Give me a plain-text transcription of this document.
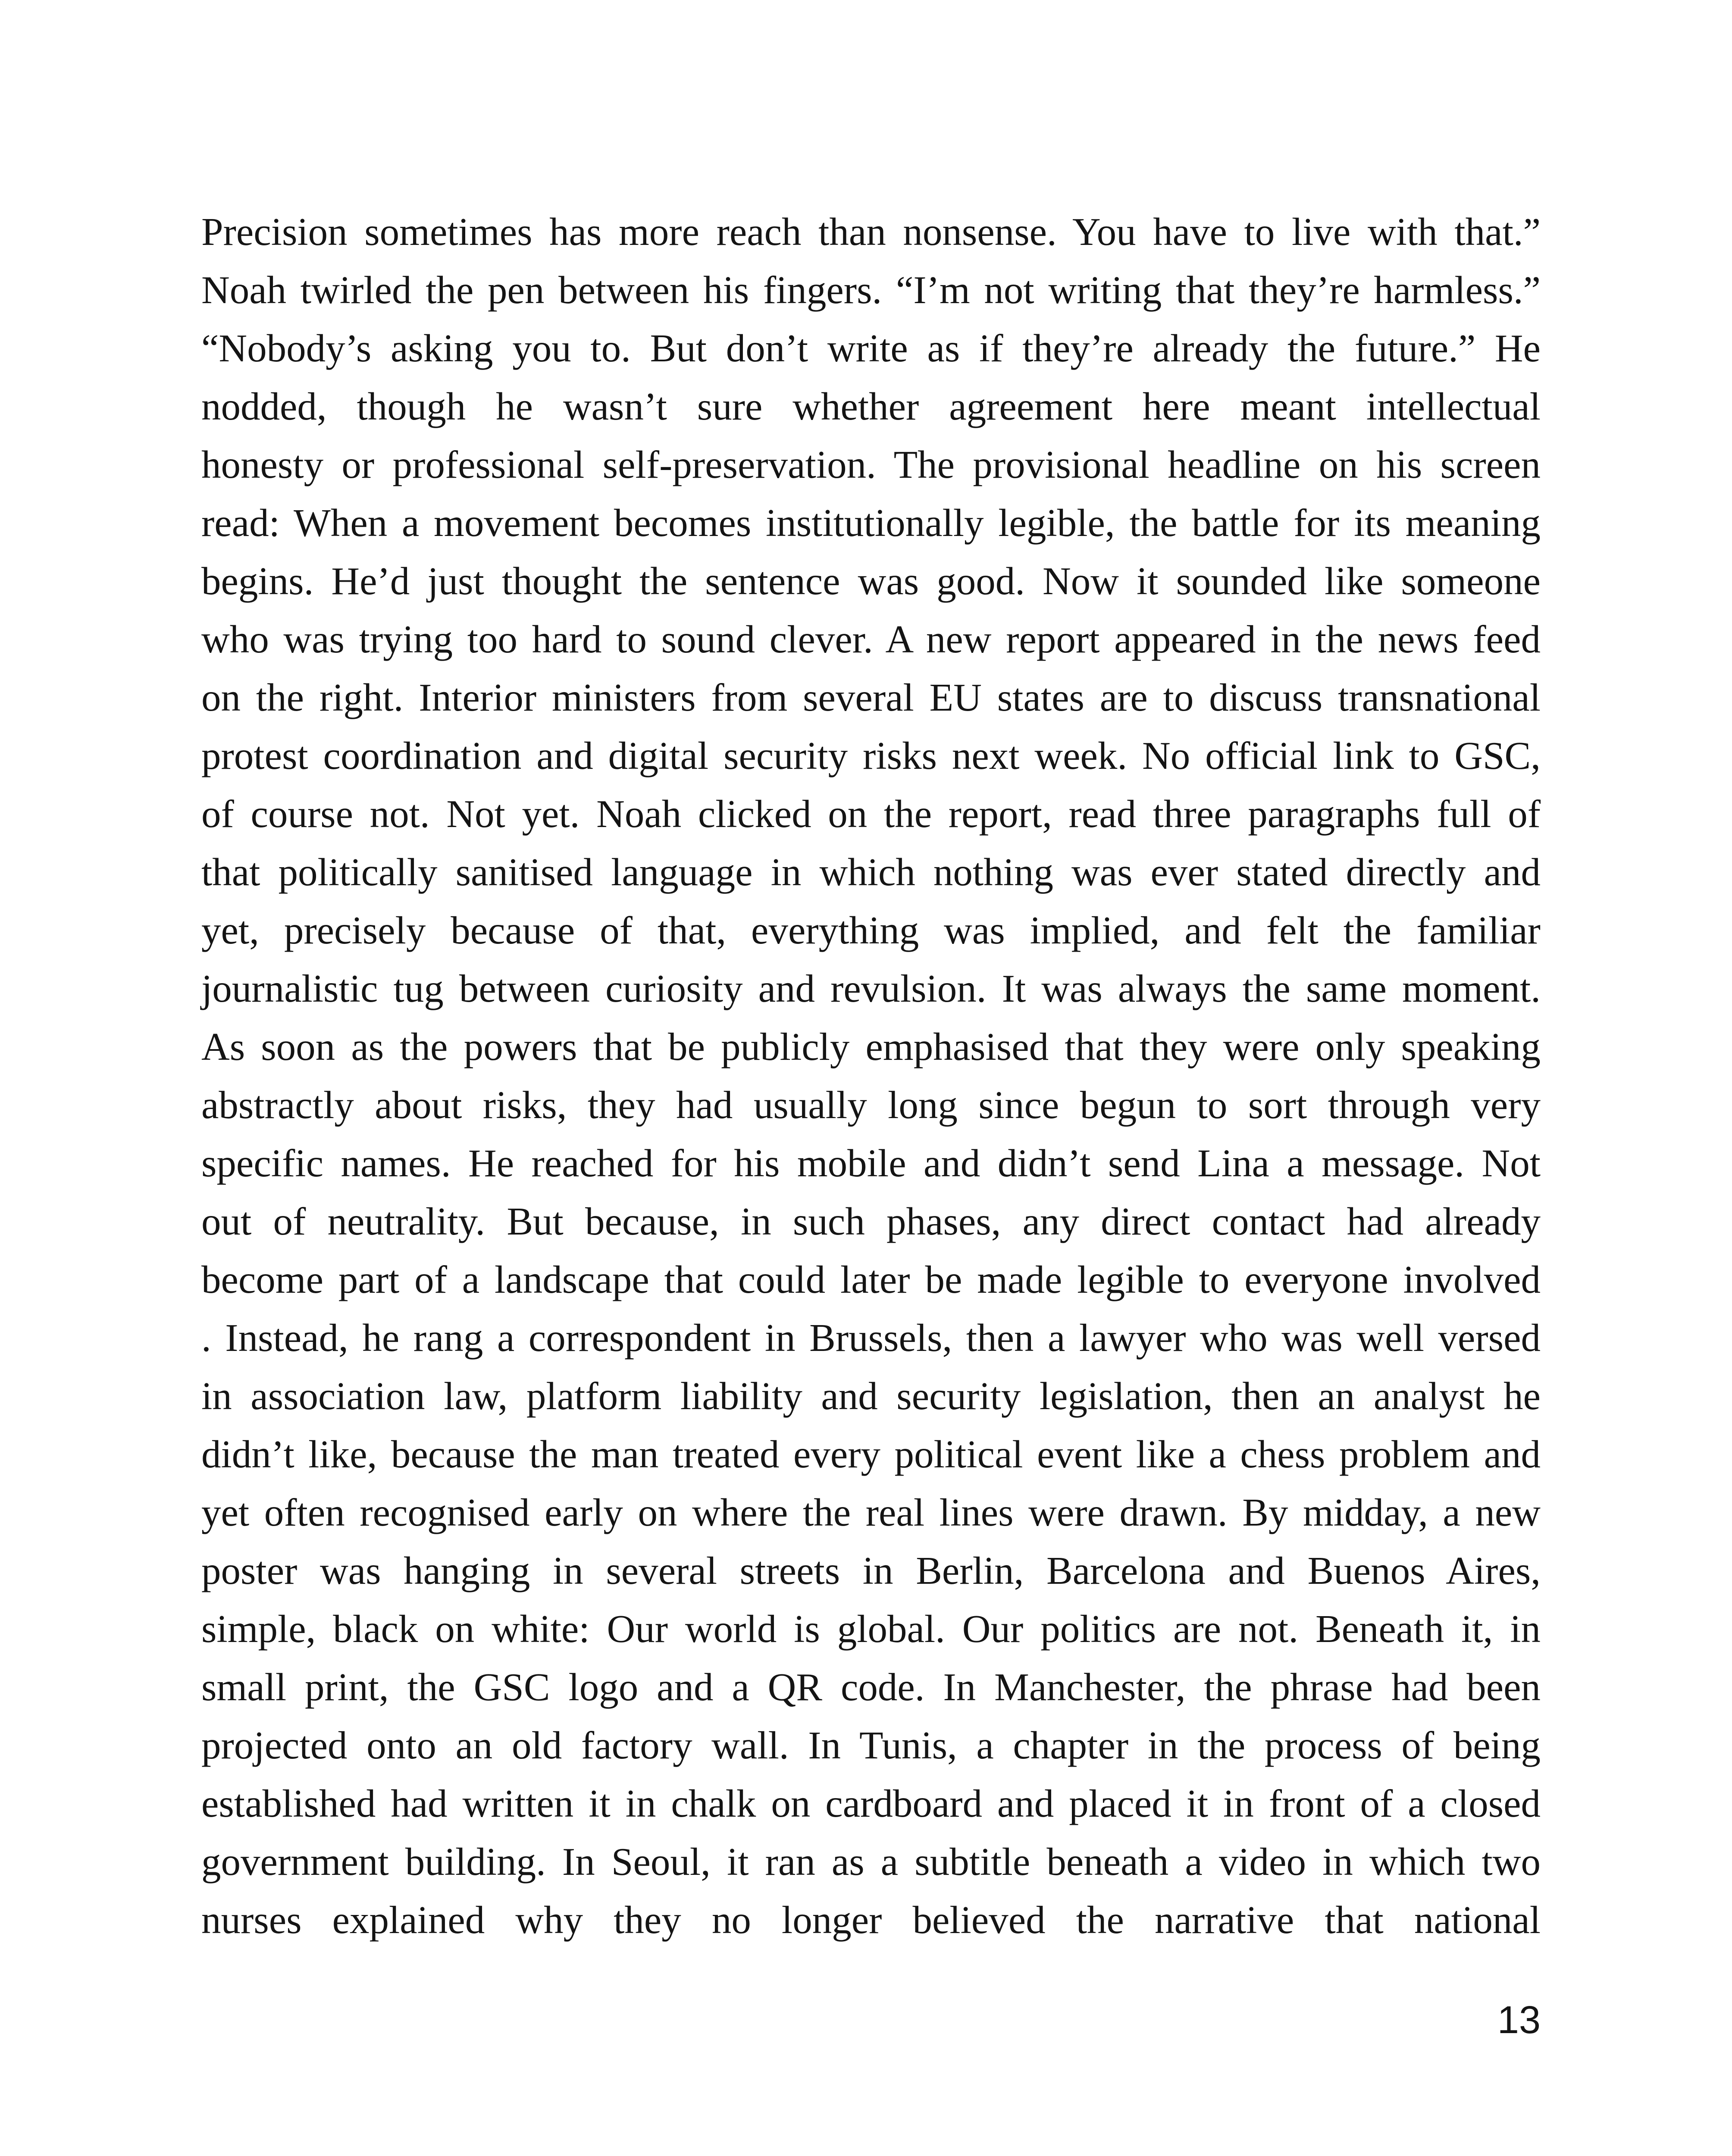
Precision sometimes has more reach than nonsense. You have to live with that.”
Noah twirled the pen between his fingers. “I’m not writing that they’re harmless.”
“Nobody’s asking you to. But don’t write as if they’re already the future.” He
nodded, though he wasn’t sure whether agreement here meant intellectual
honesty or professional self-preservation. The provisional headline on his screen
read: When a movement becomes institutionally legible, the battle for its meaning
begins. He’d just thought the sentence was good. Now it sounded like someone
who was trying too hard to sound clever. A new report appeared in the news feed
on the right. Interior ministers from several EU states are to discuss transnational
protest coordination and digital security risks next week. No official link to GSC,
of course not. Not yet. Noah clicked on the report, read three paragraphs full of
that politically sanitised language in which nothing was ever stated directly and
yet, precisely because of that, everything was implied, and felt the familiar
journalistic tug between curiosity and revulsion. It was always the same moment.
As soon as the powers that be publicly emphasised that they were only speaking
abstractly about risks, they had usually long since begun to sort through very
specific names. He reached for his mobile and didn’t send Lina a message. Not
out of neutrality. But because, in such phases, any direct contact had already
become part of a landscape that could later be made legible to everyone involved
. Instead, he rang a correspondent in Brussels, then a lawyer who was well versed
in association law, platform liability and security legislation, then an analyst he
didn’t like, because the man treated every political event like a chess problem and
yet often recognised early on where the real lines were drawn. By midday, a new
poster was hanging in several streets in Berlin, Barcelona and Buenos Aires,
simple, black on white: Our world is global. Our politics are not. Beneath it, in
small print, the GSC logo and a QR code. In Manchester, the phrase had been
projected onto an old factory wall. In Tunis, a chapter in the process of being
established had written it in chalk on cardboard and placed it in front of a closed
government building. In Seoul, it ran as a subtitle beneath a video in which two
nurses explained why they no longer believed the narrative that national
13
